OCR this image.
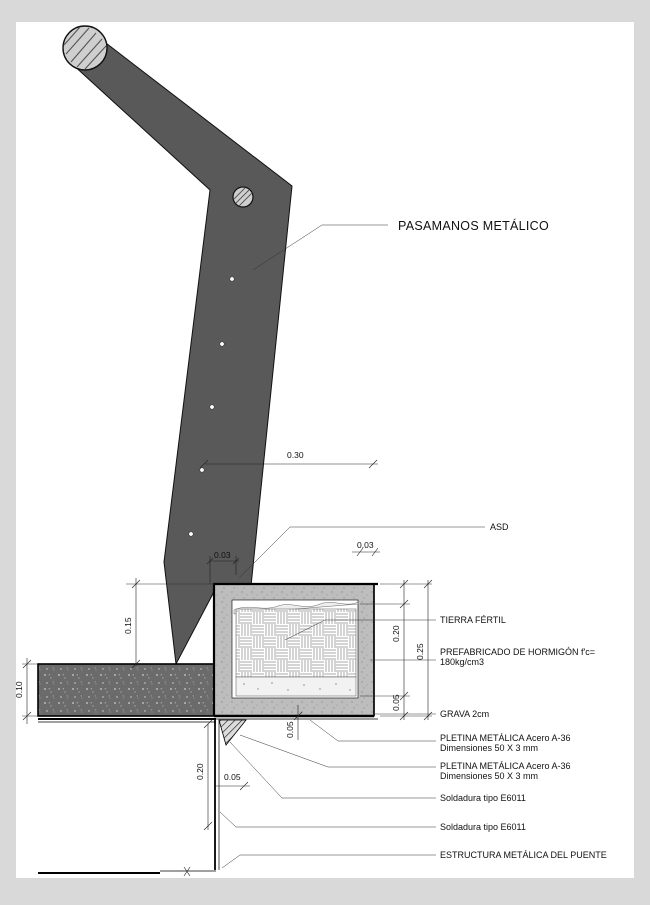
PASAMANOS METÁLICO
ASD
TIERRA FÉRTIL
PREFABRICADO DE HORMIGÓN f'c=
180kg/cm3
GRAVA 2cm
PLETINA METÁLICA Acero A-36
Dimensiones 50 X 3 mm
PLETINA METÁLICA Acero A-36
Dimensiones 50 X 3 mm
Soldadura tipo E6011
Soldadura tipo E6011
ESTRUCTURA METÁLICA DEL PUENTE
0.30
0.03
0.03
0.15
0.10
0.20
0.25
0.05
0.05
0.20 0.05
